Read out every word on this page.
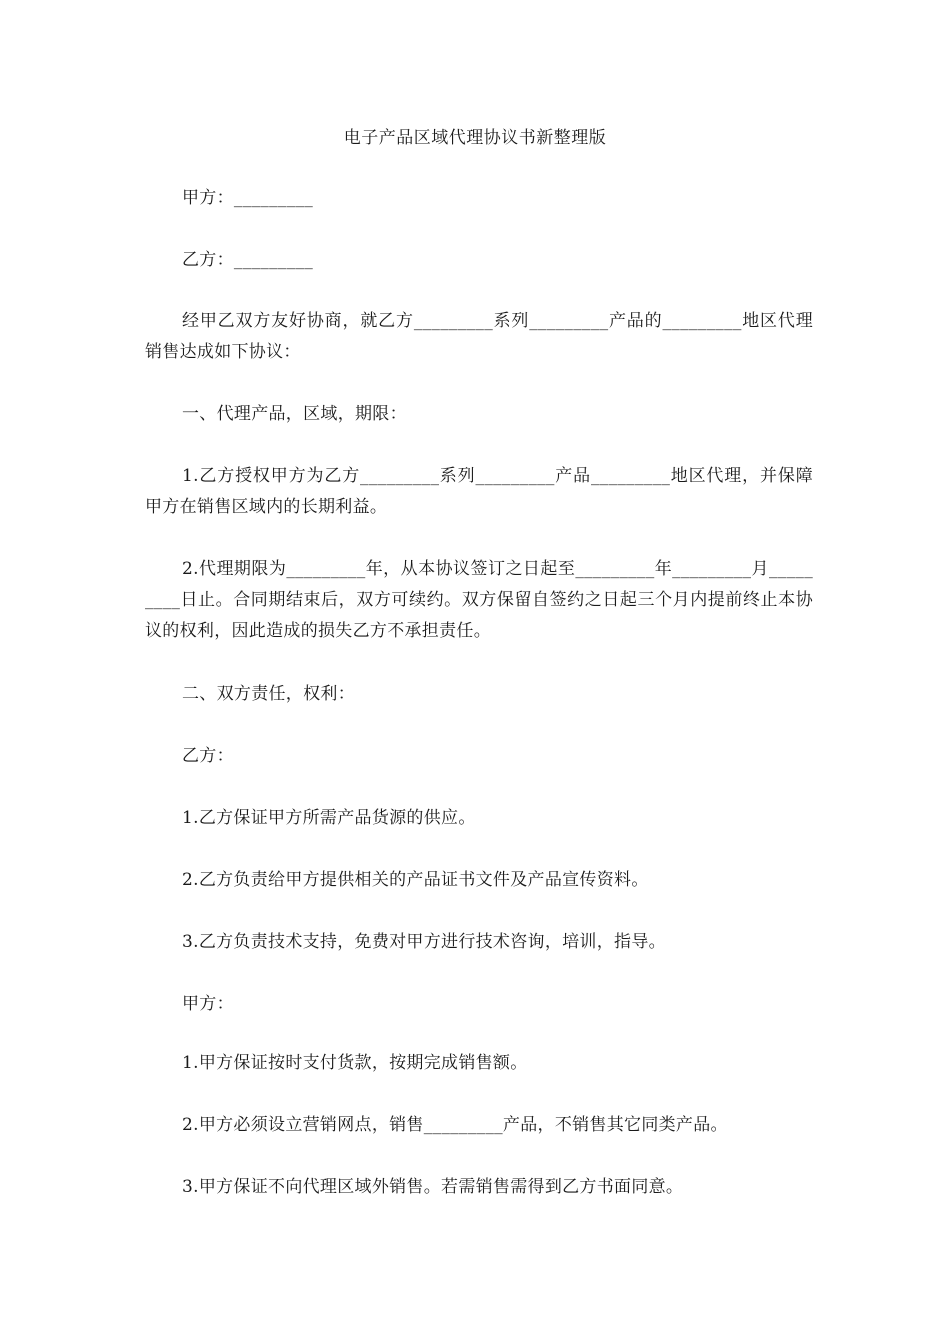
电子产品区域代理协议书新整理版
甲方：_________
乙方：_________
经甲乙双方友好协商，就乙方_________系列_________产品的_________地区代理销售达成如下协议：
一、代理产品，区域，期限：
1.乙方授权甲方为乙方_________系列_________产品_________地区代理，并保障甲方在销售区域内的长期利益。
2.代理期限为_________年，从本协议签订之日起至_________年_________月_________日止。合同期结束后，双方可续约。双方保留自签约之日起三个月内提前终止本协议的权利，因此造成的损失乙方不承担责任。
二、双方责任，权利：
乙方：
1.乙方保证甲方所需产品货源的供应。
2.乙方负责给甲方提供相关的产品证书文件及产品宣传资料。
3.乙方负责技术支持，免费对甲方进行技术咨询，培训，指导。
甲方：
1.甲方保证按时支付货款，按期完成销售额。
2.甲方必须设立营销网点，销售_________产品，不销售其它同类产品。
3.甲方保证不向代理区域外销售。若需销售需得到乙方书面同意。
